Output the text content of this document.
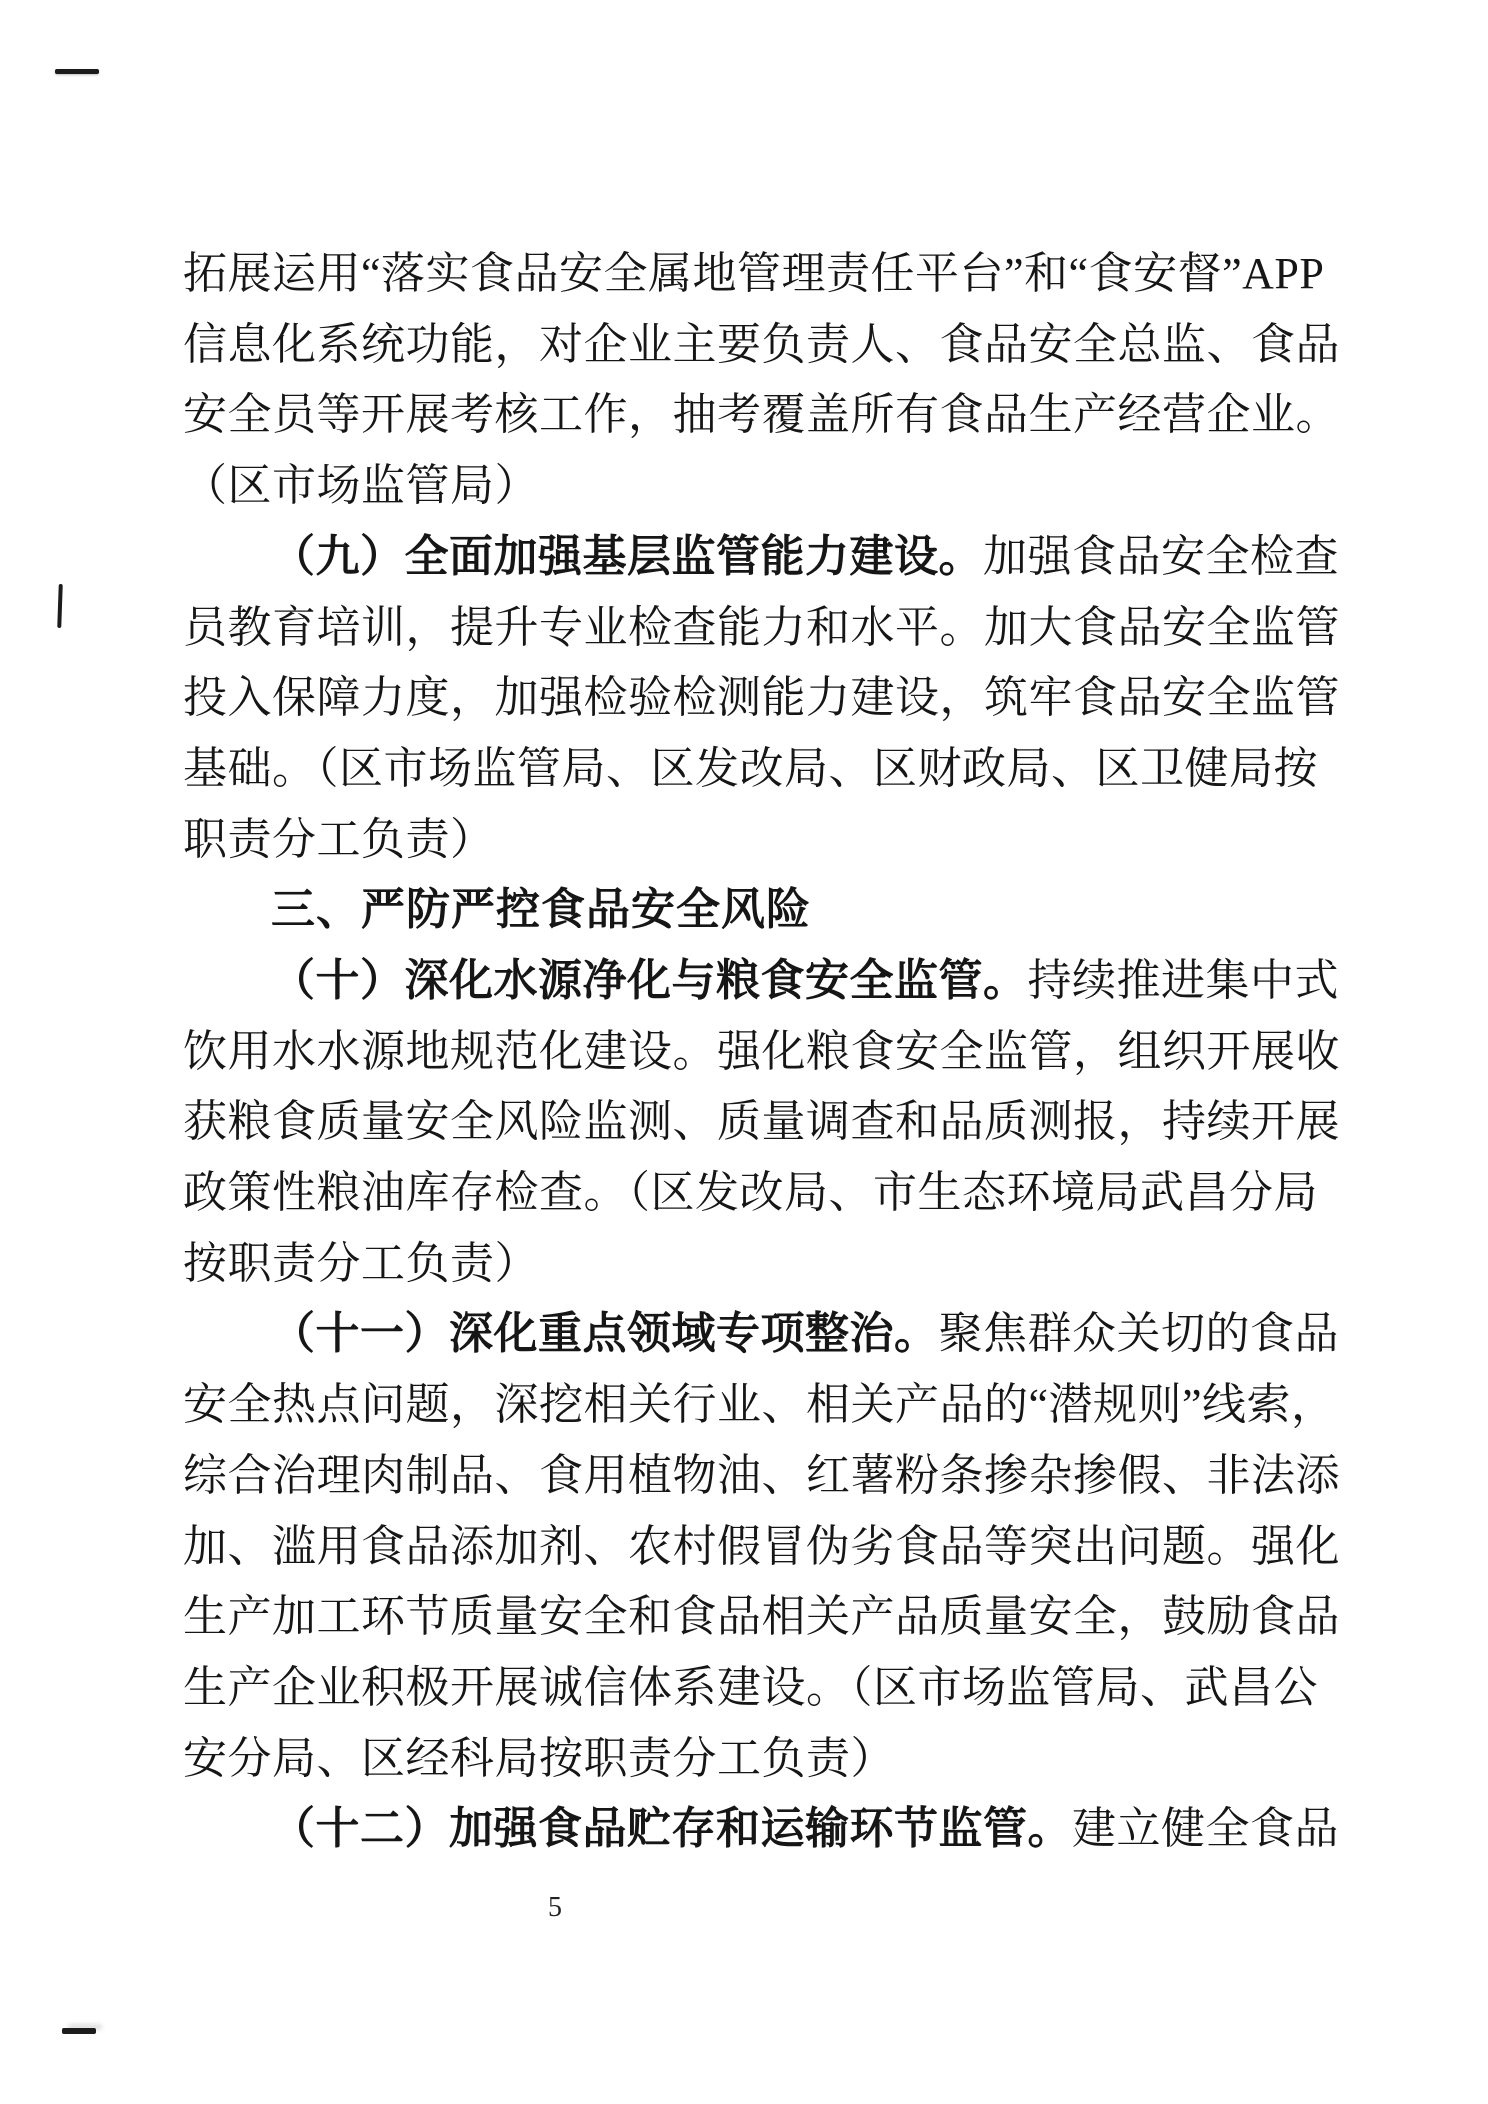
拓展运用“落实食品安全属地管理责任平台”和“食安督”APP
信息化系统功能，对企业主要负责人、食品安全总监、食品
安全员等开展考核工作，抽考覆盖所有食品生产经营企业。
（区市场监管局）
（九）全面加强基层监管能力建设。加强食品安全检查
员教育培训，提升专业检查能力和水平。加大食品安全监管
投入保障力度，加强检验检测能力建设，筑牢食品安全监管
基础。（区市场监管局、区发改局、区财政局、区卫健局按
职责分工负责）
三、严防严控食品安全风险
（十）深化水源净化与粮食安全监管。持续推进集中式
饮用水水源地规范化建设。强化粮食安全监管，组织开展收
获粮食质量安全风险监测、质量调查和品质测报，持续开展
政策性粮油库存检查。（区发改局、市生态环境局武昌分局
按职责分工负责）
（十一）深化重点领域专项整治。聚焦群众关切的食品
安全热点问题，深挖相关行业、相关产品的“潜规则”线索，
综合治理肉制品、食用植物油、红薯粉条掺杂掺假、非法添
加、滥用食品添加剂、农村假冒伪劣食品等突出问题。强化
生产加工环节质量安全和食品相关产品质量安全，鼓励食品
生产企业积极开展诚信体系建设。（区市场监管局、武昌公
安分局、区经科局按职责分工负责）
（十二）加强食品贮存和运输环节监管。建立健全食品
5
